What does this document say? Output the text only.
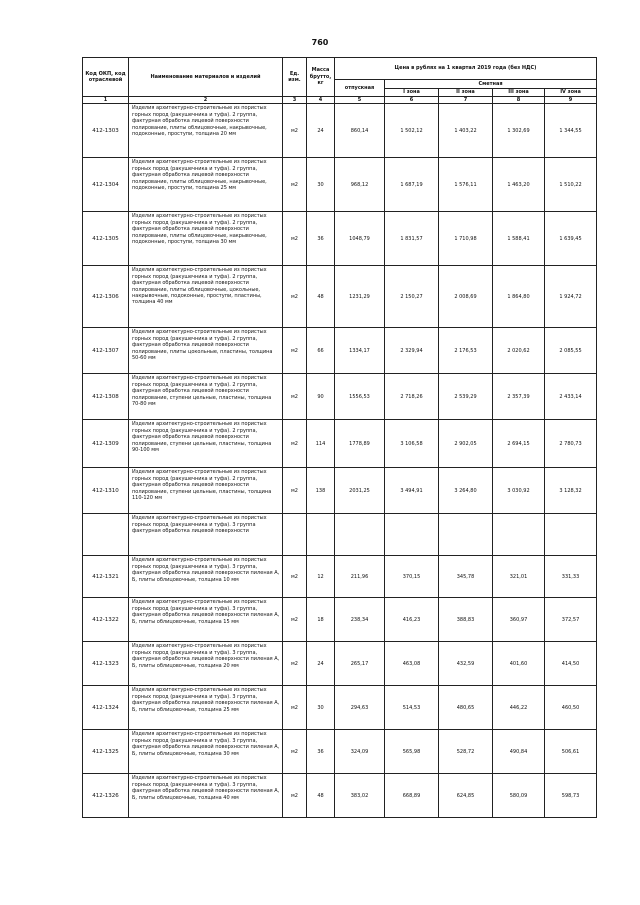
760
Код ОКП, код отраслевой	Наименование материалов и изделий	Ед. изм.	Масса брутто, кг	Цена в рублях на 1 квартал 2019 года (без НДС)				
				отпускная	Сметная			
					I зона	II зона	III зона	IV зона
1	2	3	4	5	6	7	8	9
412-1303	Изделия архитектурно-строительные из пористых горных пород (ракушечника и туфа). 2 группа, фактурная обработка лицевой поверхности полирование, плиты облицовочные, накрывочные, подоконные, проступи, толщина 20 мм	м2	24	860,14	1 502,12	1 403,22	1 302,69	1 344,55
412-1304	Изделия архитектурно-строительные из пористых горных пород (ракушечника и туфа). 2 группа, фактурная обработка лицевой поверхности полирование, плиты облицовочные, накрывочные, подоконные, проступи, толщина 25 мм	м2	30	968,12	1 687,19	1 576,11	1 463,20	1 510,22
412-1305	Изделия архитектурно-строительные из пористых горных пород (ракушечника и туфа). 2 группа, фактурная обработка лицевой поверхности полирование, плиты облицовочные, накрывочные, подоконные, проступи, толщина 30 мм	м2	36	1048,79	1 831,57	1 710,98	1 588,41	1 639,45
412-1306	Изделия архитектурно-строительные из пористых горных пород (ракушечника и туфа). 2 группа, фактурная обработка лицевой поверхности полирование, плиты облицовочные, цокольные, накрывочные, подоконные, проступи, пластины, толщина 40 мм	м2	48	1231,29	2 150,27	2 008,69	1 864,80	1 924,72
412-1307	Изделия архитектурно-строительные из пористых горных пород (ракушечника и туфа). 2 группа, фактурная обработка лицевой поверхности полирование, плиты цокольные, пластины, толщина 50-60 мм	м2	66	1334,17	2 329,94	2 176,53	2 020,62	2 085,55
412-1308	Изделия архитектурно-строительные из пористых горных пород (ракушечника и туфа). 2 группа, фактурная обработка лицевой поверхности полирование, ступени цельные, пластины, толщина 70-80 мм	м2	90	1556,53	2 718,26	2 539,29	2 357,39	2 433,14
412-1309	Изделия архитектурно-строительные из пористых горных пород (ракушечника и туфа). 2 группа, фактурная обработка лицевой поверхности полирование, ступени цельные, пластины, толщина 90-100 мм	м2	114	1778,89	3 106,58	2 902,05	2 694,15	2 780,73
412-1310	Изделия архитектурно-строительные из пористых горных пород (ракушечника и туфа). 2 группа, фактурная обработка лицевой поверхности полирование, ступени цельные, пластины, толщина 110-120 мм	м2	138	2031,25	3 494,91	3 264,80	3 030,92	3 128,32
	Изделия архитектурно-строительные из пористых горных пород (ракушечника и туфа). 3 группа фактурная обработка лицевой поверхности							
412-1321	Изделия архитектурно-строительные из пористых горных пород (ракушечника и туфа). 3 группа, фактурная обработка лицевой поверхности пиленая А, Б, плиты облицовочные, толщина 10 мм	м2	12	211,96	370,15	345,78	321,01	331,33
412-1322	Изделия архитектурно-строительные из пористых горных пород (ракушечника и туфа). 3 группа, фактурная обработка лицевой поверхности пиленая А, Б, плиты облицовочные, толщина 15 мм	м2	18	238,34	416,23	388,83	360,97	372,57
412-1323	Изделия архитектурно-строительные из пористых горных пород (ракушечника и туфа). 3 группа, фактурная обработка лицевой поверхности пиленая А, Б, плиты облицовочные, толщина 20 мм	м2	24	265,17	463,08	432,59	401,60	414,50
412-1324	Изделия архитектурно-строительные из пористых горных пород (ракушечника и туфа). 3 группа, фактурная обработка лицевой поверхности пиленая А, Б, плиты облицовочные, толщина 25 мм	м2	30	294,63	514,53	480,65	446,22	460,50
412-1325	Изделия архитектурно-строительные из пористых горных пород (ракушечника и туфа). 3 группа, фактурная обработка лицевой поверхности пиленая А, Б, плиты облицовочные, толщина 30 мм	м2	36	324,09	565,98	528,72	490,84	506,61
412-1326	Изделия архитектурно-строительные из пористых горных пород (ракушечника и туфа). 3 группа, фактурная обработка лицевой поверхности пиленая А, Б, плиты облицовочные, толщина 40 мм	м2	48	383,02	668,89	624,85	580,09	598,73
